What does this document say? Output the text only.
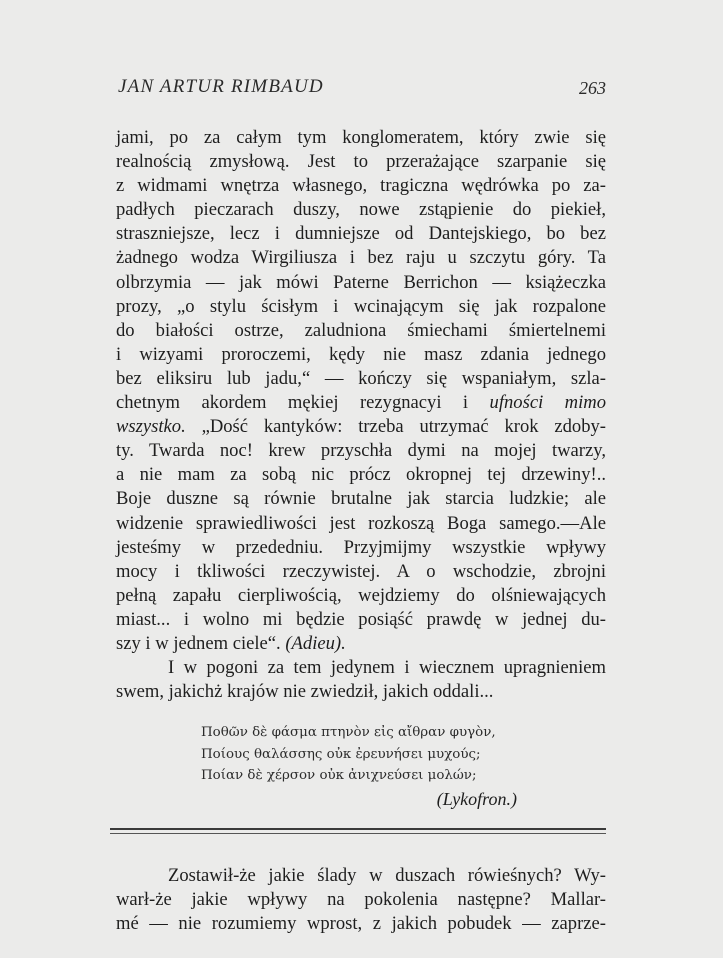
JAN ARTUR RIMBAUD	263
jami, po za całym tym konglomeratem, który zwie się
realnością zmysłową. Jest to przerażające szarpanie się
z widmami wnętrza własnego, tragiczna wędrówka po za-
padłych pieczarach duszy, nowe zstąpienie do piekieł,
straszniejsze, lecz i dumniejsze od Dantejskiego, bo bez
żadnego wodza Wirgiliusza i bez raju u szczytu góry. Ta
olbrzymia — jak mówi Paterne Berrichon — książeczka
prozy, „o stylu ścisłym i wcinającym się jak rozpalone
do białości ostrze, zaludniona śmiechami śmiertelnemi
i wizyami proroczemi, kędy nie masz zdania jednego
bez eliksiru lub jadu,“ — kończy się wspaniałym, szla-
chetnym akordem mękiej rezygnacyi i ufności mimo
wszystko. „Dość kantyków: trzeba utrzymać krok zdoby-
ty. Twarda noc! krew przyschła dymi na mojej twarzy,
a nie mam za sobą nic prócz okropnej tej drzewiny!..
Boje duszne są równie brutalne jak starcia ludzkie; ale
widzenie sprawiedliwości jest rozkoszą Boga samego.—Ale
jesteśmy w przededniu. Przyjmijmy wszystkie wpływy
mocy i tkliwości rzeczywistej. A o wschodzie, zbrojni
pełną zapału cierpliwością, wejdziemy do olśniewających
miast... i wolno mi będzie posiąść prawdę w jednej du-
szy i w jednem ciele“. (Adieu).
I w pogoni za tem jedynem i wiecznem upragnieniem
swem, jakichż krajów nie zwiedził, jakich oddali...
Ποθῶν δὲ φάσμα πτηνὸν εἰς αἴθραν φυγὸν,
Ποίους θαλάσσης οὐκ ἐρευνήσει μυχούς;
Ποίαν δὲ χέρσον οὐκ ἀνιχνεύσει μολών;
(Lykofron.)
Zostawił-że jakie ślady w duszach rówieśnych? Wy-
warł-że jakie wpływy na pokolenia następne? Mallar-
mé — nie rozumiemy wprost, z jakich pobudek — zaprze-
